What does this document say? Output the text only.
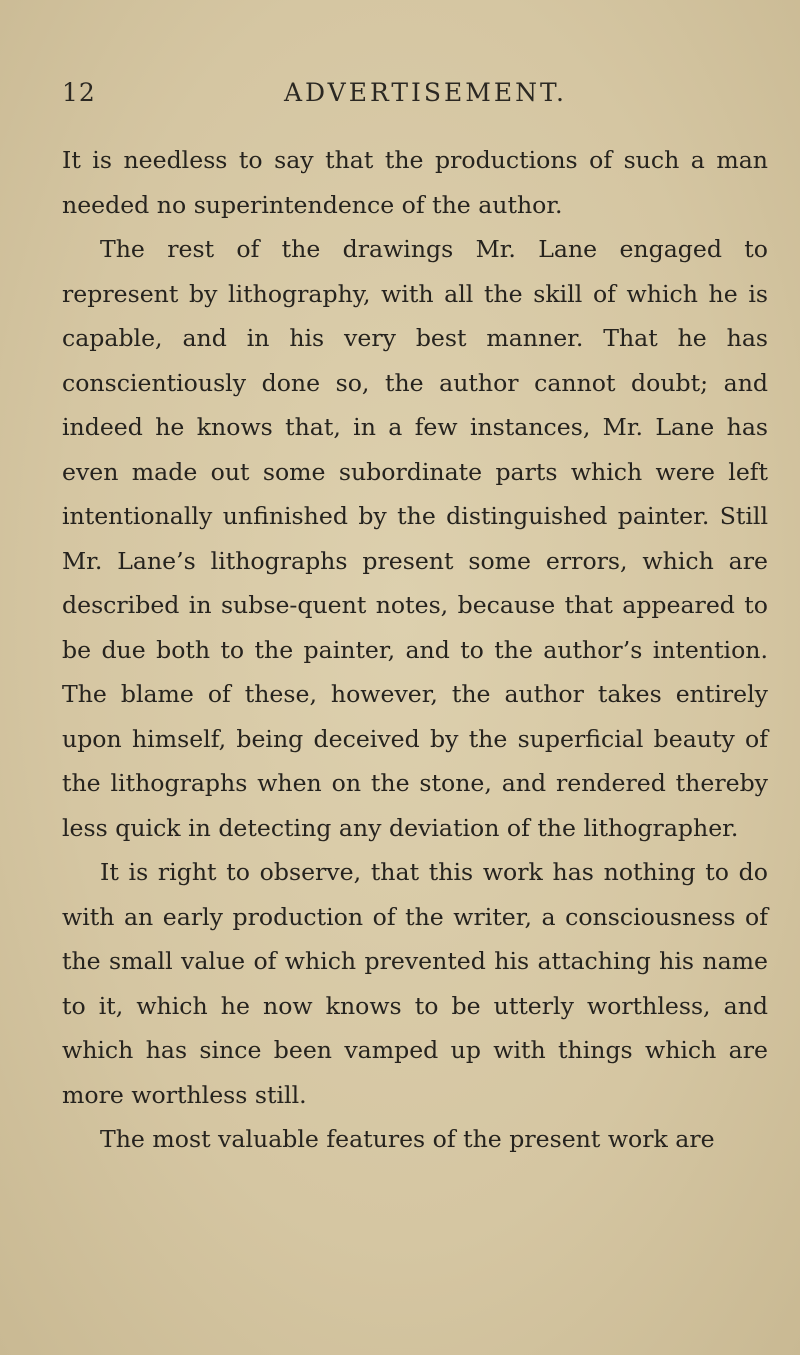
12	ADVERTISEMENT.

It is needless to say that the productions of such a man needed no superintendence of the author.

The rest of the drawings Mr. Lane engaged to represent by lithography, with all the skill of which he is capable, and in his very best manner. That he has conscientiously done so, the author cannot doubt; and indeed he knows that, in a few instances, Mr. Lane has even made out some subordinate parts which were left intentionally unfinished by the distinguished painter. Still Mr. Lane’s lithographs present some errors, which are described in subse-quent notes, because that appeared to be due both to the painter, and to the author’s intention. The blame of these, however, the author takes entirely upon himself, being deceived by the superficial beauty of the lithographs when on the stone, and rendered thereby less quick in detecting any deviation of the lithographer.

It is right to observe, that this work has nothing to do with an early production of the writer, a consciousness of the small value of which prevented his attaching his name to it, which he now knows to be utterly worthless, and which has since been vamped up with things which are more worthless still.

The most valuable features of the present work are
